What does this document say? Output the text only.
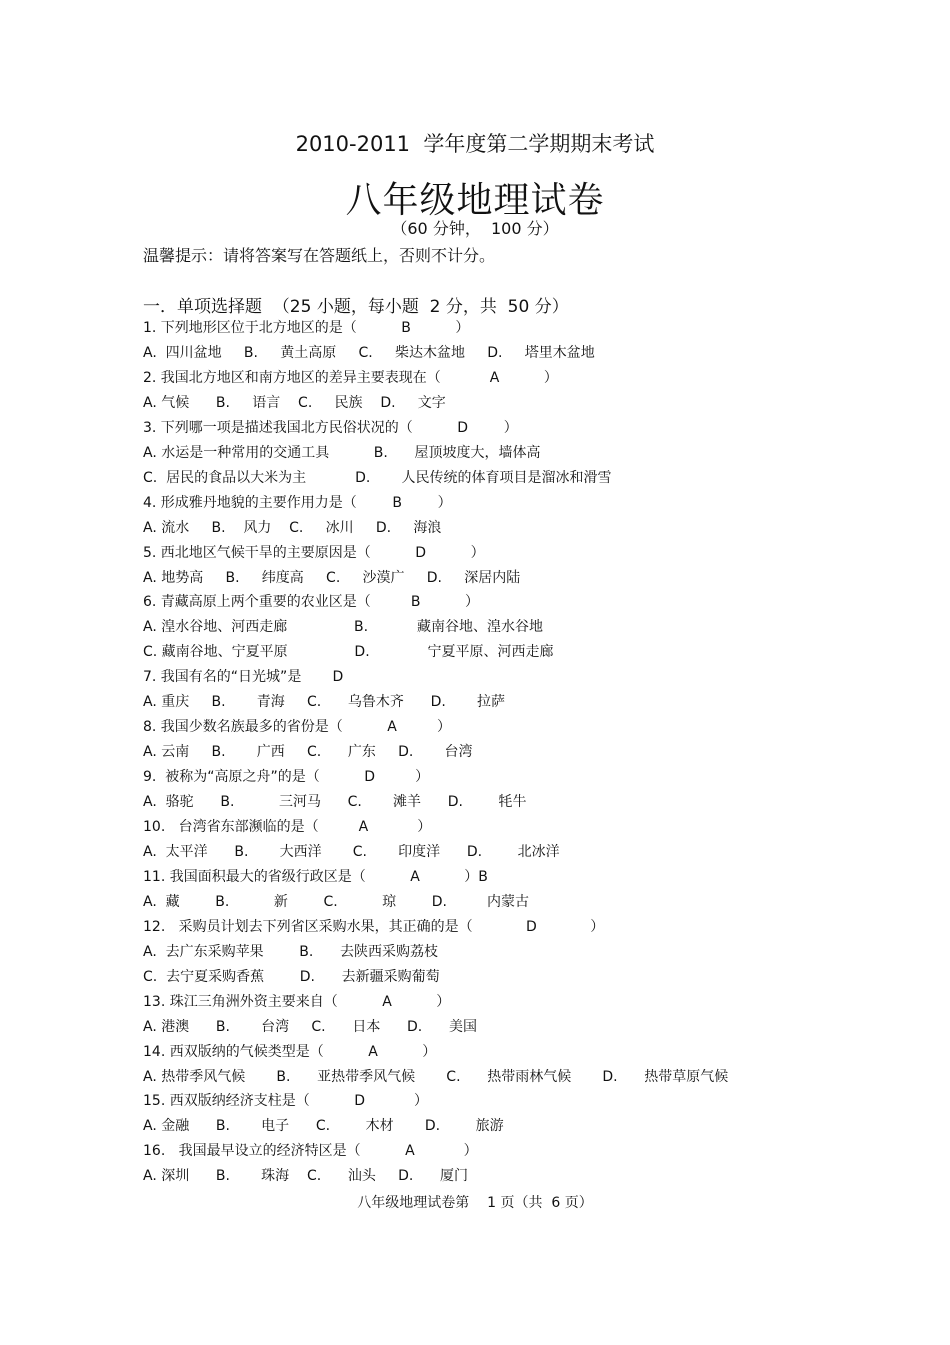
2010-2011  学年度第二学期期末考试
八年级地理试卷
（60 分钟，  100 分）
温馨提示：请将答案写在答题纸上，否则不计分。
一．单项选择题  （25 小题，每小题  2 分，共  50 分）
1. 下列地形区位于北方地区的是（          B          ）
A.  四川盆地     B.     黄土高原     C.     柴达木盆地     D.     塔里木盆地
2. 我国北方地区和南方地区的差异主要表现在（           A          ）
A. 气候      B.     语言    C.     民族    D.     文字
3. 下列哪一项是描述我国北方民俗状况的（          D        ）
A. 水运是一种常用的交通工具          B.      屋顶坡度大，墙体高
C.  居民的食品以大米为主           D.       人民传统的体育项目是溜冰和滑雪
4. 形成雅丹地貌的主要作用力是（        B        ）
A. 流水     B.    风力    C.     冰川     D.     海浪
5. 西北地区气候干旱的主要原因是（          D          ）
A. 地势高     B.     纬度高     C.     沙漠广     D.     深居内陆
6. 青藏高原上两个重要的农业区是（         B          ）
A. 湟水谷地、河西走廊               B.           藏南谷地、湟水谷地
C. 藏南谷地、宁夏平原               D.             宁夏平原、河西走廊
7. 我国有名的“日光城”是       D
A. 重庆     B.       青海     C.      乌鲁木齐      D.       拉萨
8. 我国少数名族最多的省份是（          A         ）
A. 云南     B.       广西     C.      广东     D.       台湾
9.  被称为“高原之舟”的是（          D         ）
A.  骆驼      B.          三河马      C.       滩羊      D.        牦牛
10.   台湾省东部濒临的是（         A           ）
A.  太平洋      B.       大西洋       C.       印度洋      D.        北冰洋
11. 我国面积最大的省级行政区是（          A          ）B
A.  藏        B.          新        C.          琼        D.         内蒙古
12.   采购员计划去下列省区采购水果，其正确的是（            D            ）
A.  去广东采购苹果        B.      去陕西采购荔枝
C.  去宁夏采购香蕉        D.      去新疆采购葡萄
13. 珠江三角洲外资主要来自（          A          ）
A. 港澳      B.       台湾     C.      日本      D.      美国
14. 西双版纳的气候类型是（          A          ）
A. 热带季风气候       B.      亚热带季风气候       C.      热带雨林气候       D.      热带草原气候
15. 西双版纳经济支柱是（          D           ）
A. 金融      B.       电子      C.        木材       D.        旅游
16.   我国最早设立的经济特区是（          A           ）
A. 深圳      B.       珠海    C.      汕头     D.      厦门
八年级地理试卷第    1 页（共  6 页）
